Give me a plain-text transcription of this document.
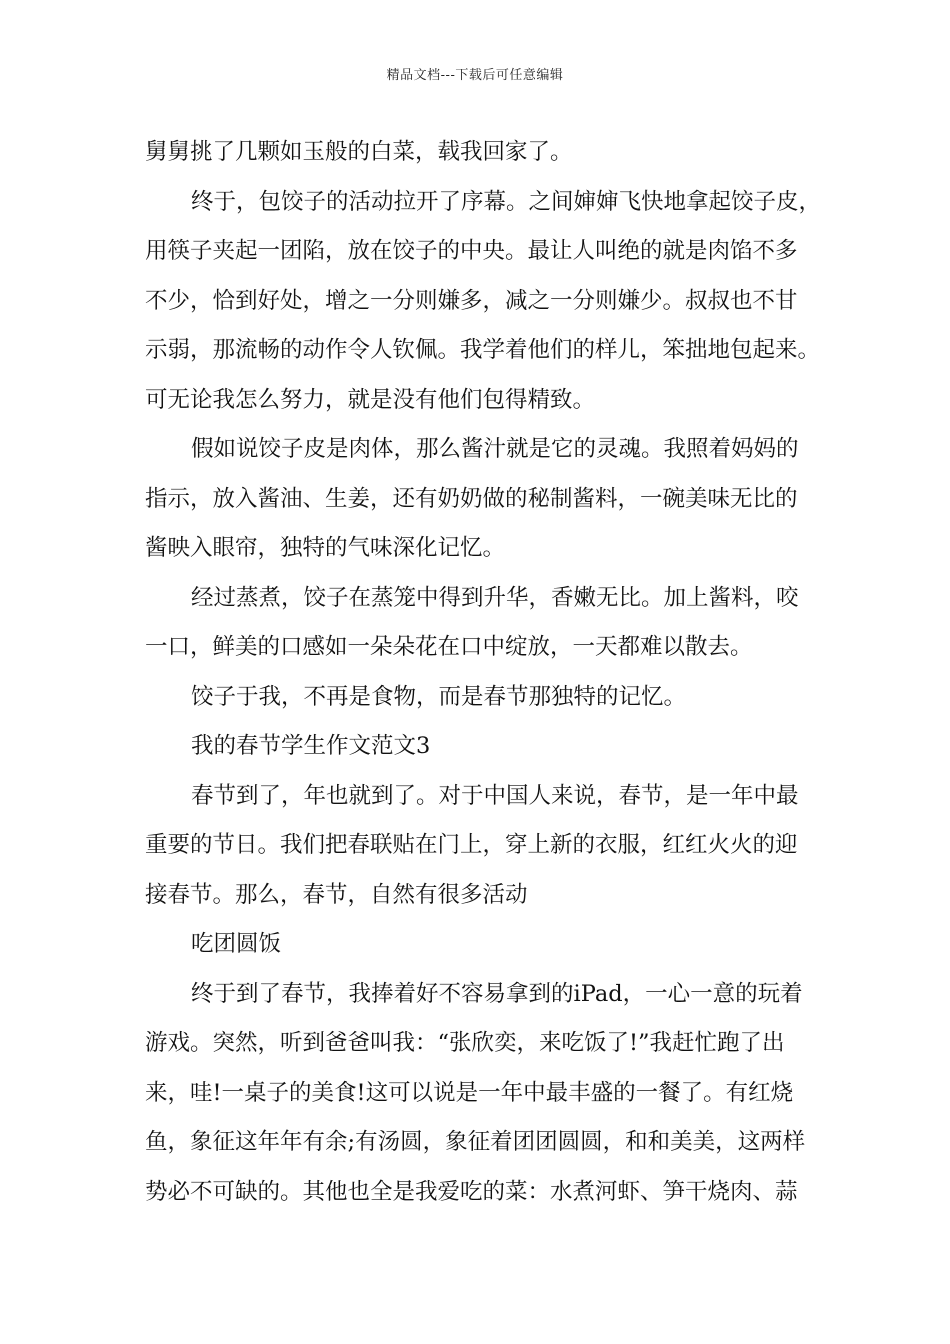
精品文档---下载后可任意编辑
舅舅挑了几颗如玉般的白菜，载我回家了。
终于，包饺子的活动拉开了序幕。之间婶婶飞快地拿起饺子皮，
用筷子夹起一团陷，放在饺子的中央。最让人叫绝的就是肉馅不多
不少，恰到好处，增之一分则嫌多，减之一分则嫌少。叔叔也不甘
示弱，那流畅的动作令人钦佩。我学着他们的样儿，笨拙地包起来。
可无论我怎么努力，就是没有他们包得精致。
假如说饺子皮是肉体，那么酱汁就是它的灵魂。我照着妈妈的
指示，放入酱油、生姜，还有奶奶做的秘制酱料，一碗美味无比的
酱映入眼帘，独特的气味深化记忆。
经过蒸煮，饺子在蒸笼中得到升华，香嫩无比。加上酱料，咬
一口，鲜美的口感如一朵朵花在口中绽放，一天都难以散去。
饺子于我，不再是食物，而是春节那独特的记忆。
我的春节学生作文范文3
春节到了，年也就到了。对于中国人来说，春节，是一年中最
重要的节日。我们把春联贴在门上，穿上新的衣服，红红火火的迎
接春节。那么，春节，自然有很多活动
吃团圆饭
终于到了春节，我捧着好不容易拿到的iPad，一心一意的玩着
游戏。突然，听到爸爸叫我：“张欣奕，来吃饭了!”我赶忙跑了出
来，哇!一桌子的美食!这可以说是一年中最丰盛的一餐了。有红烧
鱼，象征这年年有余;有汤圆，象征着团团圆圆，和和美美，这两样
势必不可缺的。其他也全是我爱吃的菜：水煮河虾、笋干烧肉、蒜
